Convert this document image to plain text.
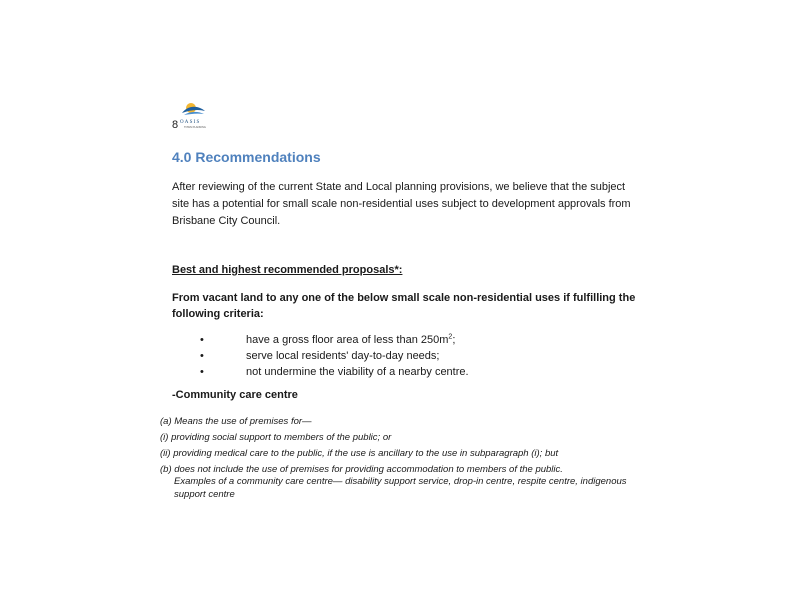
OASIS
TOWN PLANNING
8
4.0 Recommendations

After reviewing of the current State and Local planning provisions, we believe that the subject site has a potential for small scale non-residential uses subject to development approvals from Brisbane City Council.

Best and highest recommended proposals*:

From vacant land to any one of the below small scale non-residential uses if fulfilling the following criteria:

•	have a gross floor area of less than $250m^2$;
•	serve local residents' day-to-day needs;
•	not undermine the viability of a nearby centre.

-Community care centre

(a) Means the use of premises for—
(i) providing social support to members of the public; or
(ii) providing medical care to the public, if the use is ancillary to the use in subparagraph (i); but
(b) does not include the use of premises for providing accommodation to members of the public.

Examples of a community care centre— disability support service, drop-in centre, respite centre, indigenous support centre
